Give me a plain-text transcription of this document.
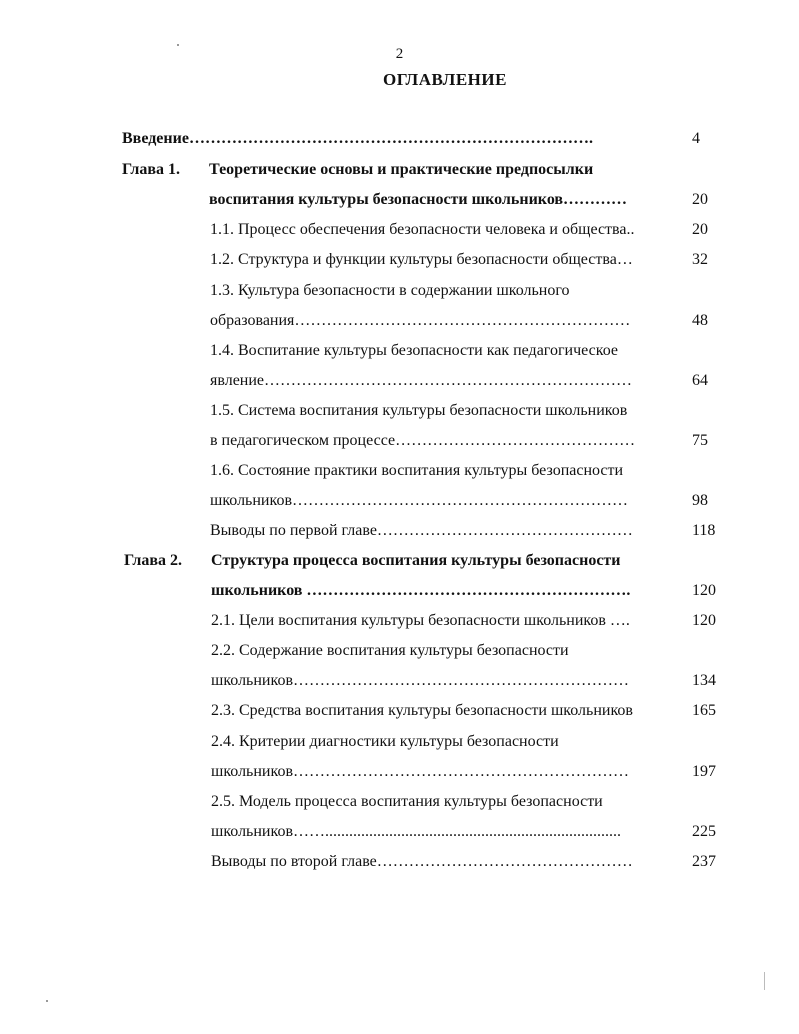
2
ОГЛАВЛЕНИЕ
Введение………………………………………………………………….	4
Глава 1. Теоретические основы и практические предпосылки
воспитания культуры безопасности школьников…………	20
1.1. Процесс обеспечения безопасности человека и общества..	20
1.2. Структура и функции культуры безопасности общества…	32
1.3. Культура безопасности в содержании школьного
образования………………………………………………………	48
1.4. Воспитание культуры безопасности как педагогическое
явление……………………………………………………………	64
1.5. Система воспитания культуры безопасности школьников
в педагогическом процессе………………………………………	75
1.6. Состояние практики воспитания культуры безопасности
школьников………………………………………………………	98
Выводы по первой главе…………………………………………	118
Глава 2. Структура процесса воспитания культуры безопасности
школьников …………………………………………………….	120
2.1. Цели воспитания культуры безопасности школьников ….	120
2.2. Содержание воспитания культуры безопасности
школьников………………………………………………………	134
2.3. Средства воспитания культуры безопасности школьников	165
2.4. Критерии диагностики культуры безопасности
школьников………………………………………………………	197
2.5. Модель процесса воспитания культуры безопасности
школьников……..........................................................................	225
Выводы по второй главе…………………………………………	237
